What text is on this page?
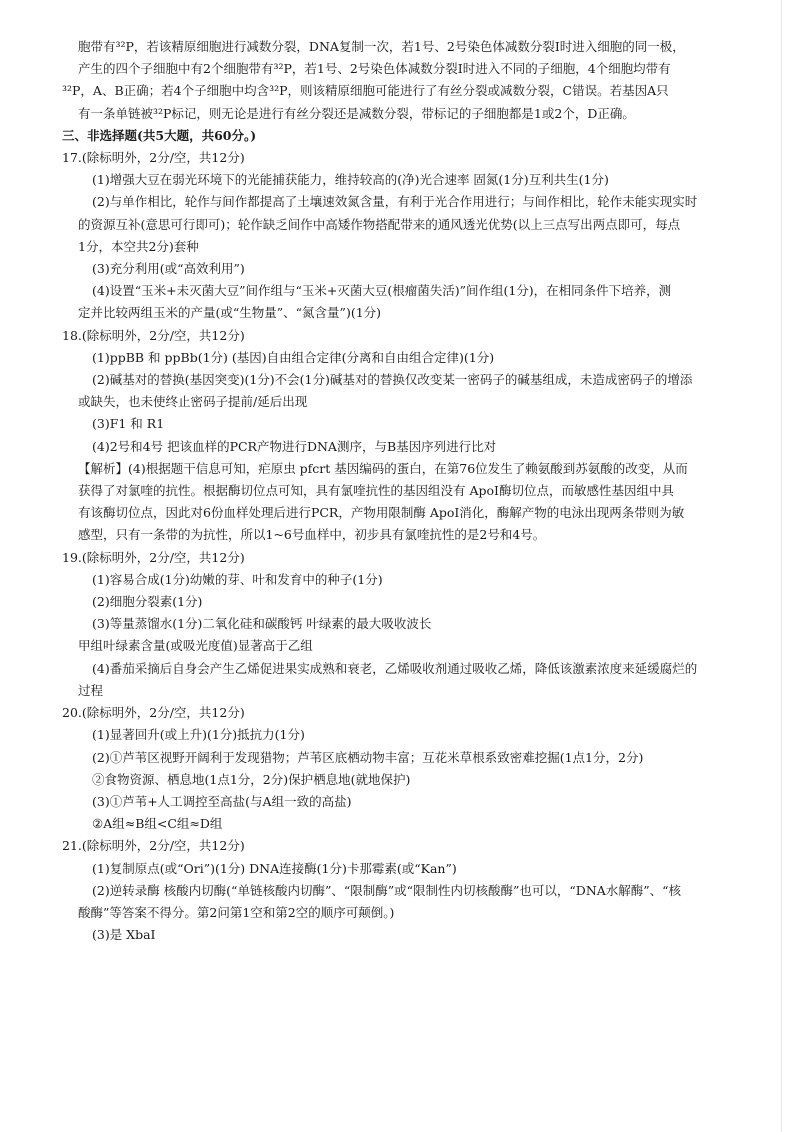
胞带有³²P，若该精原细胞进行减数分裂，DNA复制一次，若1号、2号染色体减数分裂Ⅰ时进入细胞的同一极，
产生的四个子细胞中有2个细胞带有³²P，若1号、2号染色体减数分裂Ⅰ时进入不同的子细胞，4个细胞均带有
³²P，A、B正确；若4个子细胞中均含³²P，则该精原细胞可能进行了有丝分裂或减数分裂，C错误。若基因A只
有一条单链被³²P标记，则无论是进行有丝分裂还是减数分裂，带标记的子细胞都是1或2个，D正确。
三、非选择题(共5大题，共60分。)
17.(除标明外，2分/空，共12分)
(1)增强大豆在弱光环境下的光能捕获能力，维持较高的(净)光合速率 固氮(1分)互利共生(1分)
(2)与单作相比，轮作与间作都提高了土壤速效氮含量，有利于光合作用进行；与间作相比，轮作未能实现实时
的资源互补(意思可行即可)；轮作缺乏间作中高矮作物搭配带来的通风透光优势(以上三点写出两点即可，每点
1分，本空共2分)套种
(3)充分利用(或“高效利用”)
(4)设置“玉米+未灭菌大豆”间作组与“玉米+灭菌大豆(根瘤菌失活)”间作组(1分)，在相同条件下培养，测
定并比较两组玉米的产量(或“生物量”、“氮含量”)(1分)
18.(除标明外，2分/空，共12分)
(1)ppBB 和 ppBb(1分) (基因)自由组合定律(分离和自由组合定律)(1分)
(2)碱基对的替换(基因突变)(1分)不会(1分)碱基对的替换仅改变某一密码子的碱基组成，未造成密码子的增添
或缺失，也未使终止密码子提前/延后出现
(3)F1 和 R1
(4)2号和4号 把该血样的PCR产物进行DNA测序，与B基因序列进行比对
【解析】(4)根据题干信息可知，疟原虫 pfcrt 基因编码的蛋白，在第76位发生了赖氨酸到苏氨酸的改变，从而
获得了对氯喹的抗性。根据酶切位点可知，具有氯喹抗性的基因组没有 ApoⅠ酶切位点，而敏感性基因组中具
有该酶切位点，因此对6份血样处理后进行PCR，产物用限制酶 ApoⅠ消化，酶解产物的电泳出现两条带则为敏
感型，只有一条带的为抗性，所以1~6号血样中，初步具有氯喹抗性的是2号和4号。
19.(除标明外，2分/空，共12分)
(1)容易合成(1分)幼嫩的芽、叶和发育中的种子(1分)
(2)细胞分裂素(1分)
(3)等量蒸馏水(1分)二氧化硅和碳酸钙 叶绿素的最大吸收波长
甲组叶绿素含量(或吸光度值)显著高于乙组
(4)番茄采摘后自身会产生乙烯促进果实成熟和衰老，乙烯吸收剂通过吸收乙烯，降低该激素浓度来延缓腐烂的
过程
20.(除标明外，2分/空，共12分)
(1)显著回升(或上升)(1分)抵抗力(1分)
(2)①芦苇区视野开阔利于发现猎物；芦苇区底栖动物丰富；互花米草根系致密难挖掘(1点1分，2分)
②食物资源、栖息地(1点1分，2分)保护栖息地(就地保护)
(3)①芦苇+人工调控至高盐(与A组一致的高盐)
②A组≈B组<C组≈D组
21.(除标明外，2分/空，共12分)
(1)复制原点(或“Ori”)(1分) DNA连接酶(1分)卡那霉素(或“Kan”)
(2)逆转录酶 核酸内切酶(“单链核酸内切酶”、“限制酶”或“限制性内切核酸酶”也可以，“DNA水解酶”、“核
酸酶”等答案不得分。第2问第1空和第2空的顺序可颠倒。)
(3)是 XbaⅠ
